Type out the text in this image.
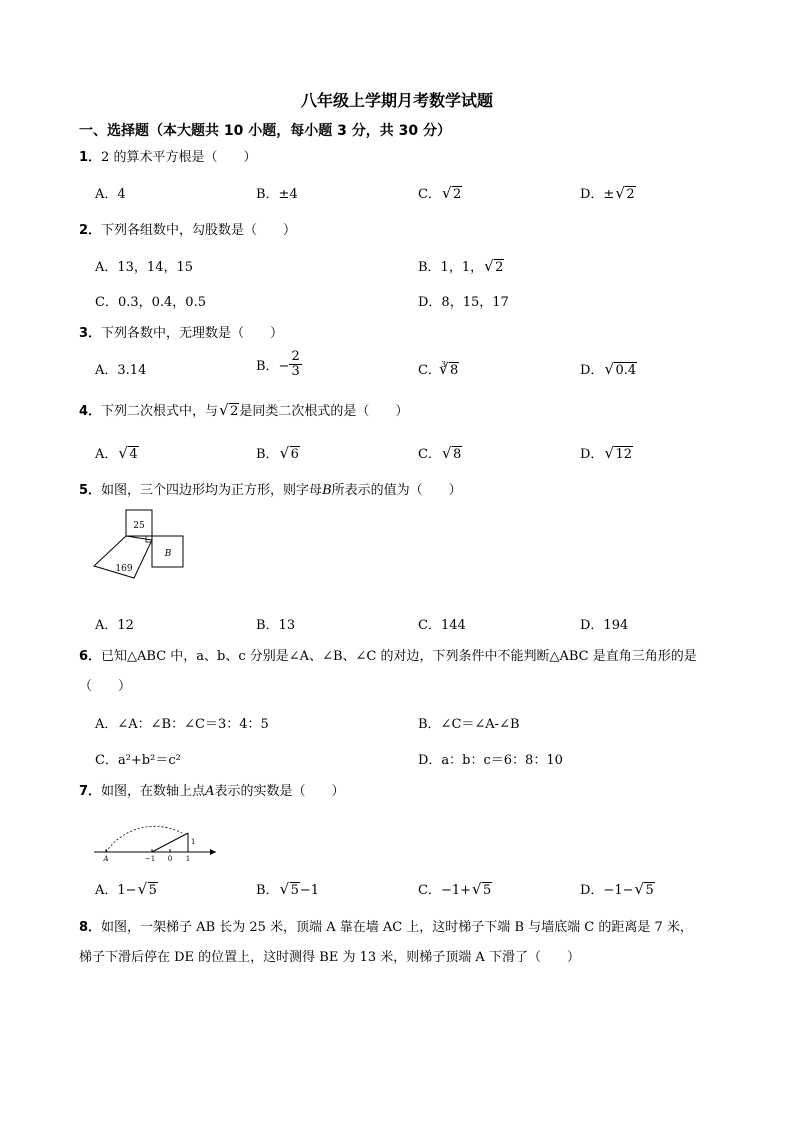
八年级上学期月考数学试题
一、选择题（本大题共 10 小题，每小题 3 分，共 30 分）
1．2 的算术平方根是（　　）
A．4	B．±4	C． √ 2	D．± √ 2
2．下列各组数中，勾股数是（　　）
A．13，14，15	B．1，1， √ 2
C．0.3，0.4，0.5	D．8，15，17
3．下列各数中，无理数是（　　）
A．3.14	B．− $\frac{2}{3}$	C．$^3$ √ 8	D． √ 0.4
4．下列二次根式中，与 √ 2是同类二次根式的是（　　）
A． √ 4	B． √ 6	C． √ 8	D． √ 12
5．如图，三个四边形均为正方形，则字母B所表示的值为（　　）
25
169
B
A．12	B．13	C．144	D．194
6．已知△ABC 中，a、b、c 分别是∠A、∠B、∠C 的对边，下列条件中不能判断△ABC 是直角三角形的是
（　　）
A．∠A：∠B：∠C＝3：4：5	B．∠C＝∠A-∠B
C．a²+b²＝c²	D．a：b：c＝6：8：10
7．如图，在数轴上点A表示的实数是（　　）
A	−1 0 1
1
A．1− √ 5	B． √ 5−1	C．−1+ √ 5	D．−1− √ 5
8．如图，一架梯子 AB 长为 25 米，顶端 A 靠在墙 AC 上，这时梯子下端 B 与墙底端 C 的距离是 7 米，
梯子下滑后停在 DE 的位置上，这时测得 BE 为 13 米，则梯子顶端 A 下滑了（　　）
